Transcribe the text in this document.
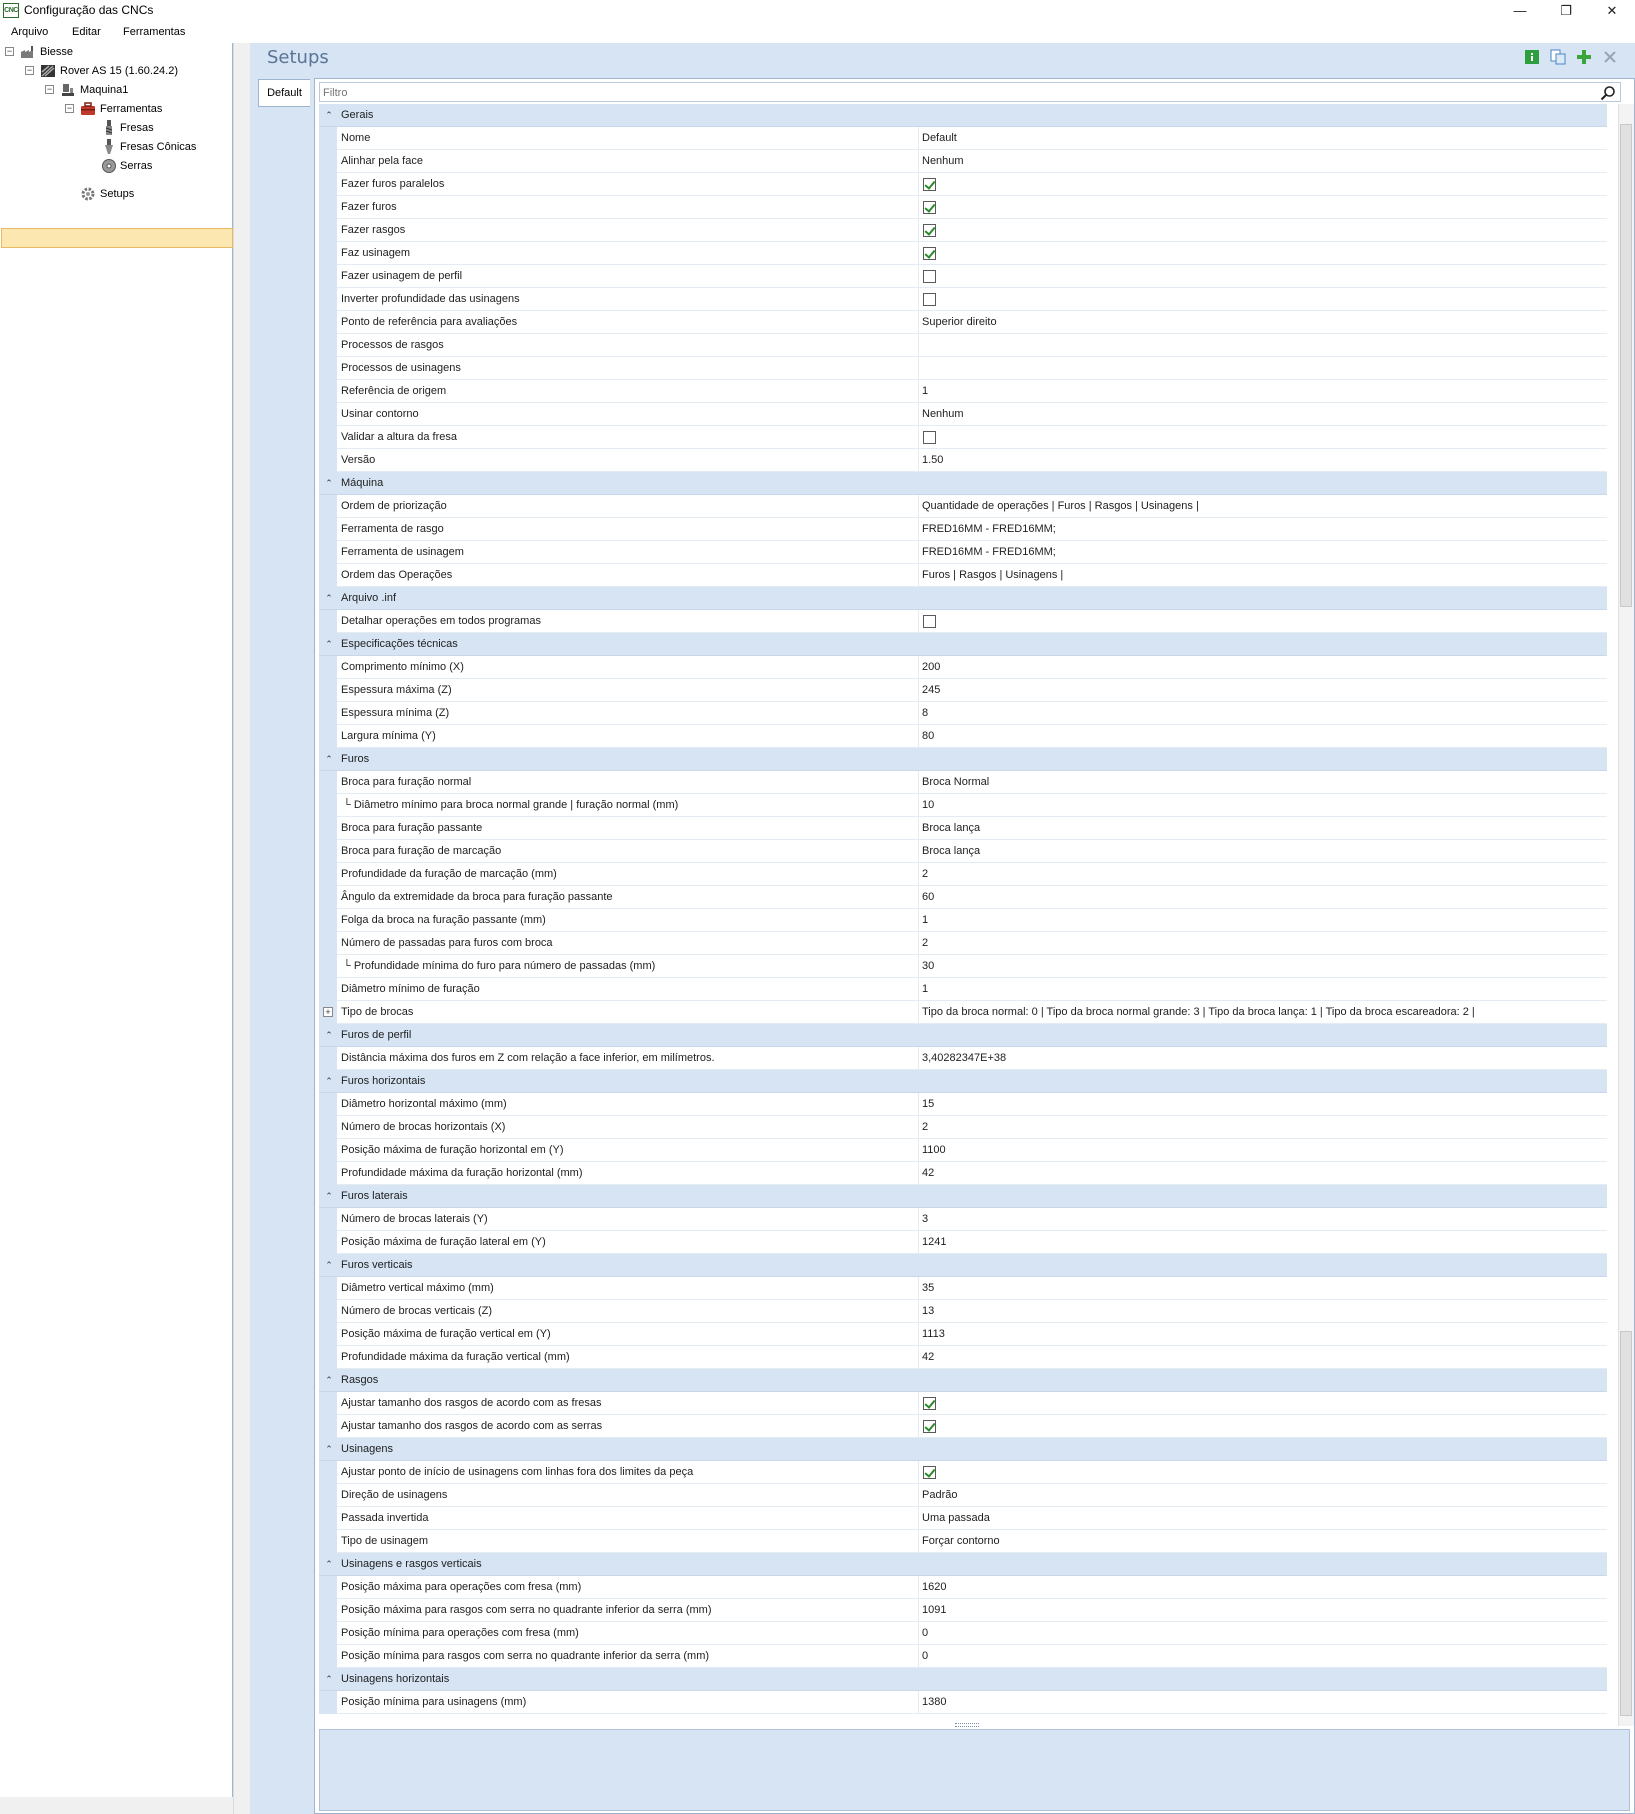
CNC Configuração das CNCs	—	❐	✕
Arquivo Editar Ferramentas
−	Biesse
−	Rover AS 15 (1.60.24.2)
−	Maquina1
−	Ferramentas
Fresas
Fresas Cônicas
Serras
Setups
Setups
Default
Filtro
⌃ Gerais
Nome	Default
Alinhar pela face	Nenhum
Fazer furos paralelos
Fazer furos
Fazer rasgos
Faz usinagem
Fazer usinagem de perfil
Inverter profundidade das usinagens
Ponto de referência para avaliações	Superior direito
Processos de rasgos
Processos de usinagens
Referência de origem	1
Usinar contorno	Nenhum
Validar a altura da fresa
Versão	1.50
⌃ Máquina
Ordem de priorização	Quantidade de operações | Furos | Rasgos | Usinagens |
Ferramenta de rasgo	FRED16MM - FRED16MM;
Ferramenta de usinagem	FRED16MM - FRED16MM;
Ordem das Operações	Furos | Rasgos | Usinagens |
⌃ Arquivo .inf
Detalhar operações em todos programas
⌃ Especificações técnicas
Comprimento mínimo (X)	200
Espessura máxima (Z)	245
Espessura mínima (Z)	8
Largura mínima (Y)	80
⌃ Furos
Broca para furação normal	Broca Normal
└ Diâmetro mínimo para broca normal grande | furação normal (mm)	10
Broca para furação passante	Broca lança
Broca para furação de marcação	Broca lança
Profundidade da furação de marcação (mm)	2
Ângulo da extremidade da broca para furação passante	60
Folga da broca na furação passante (mm)	1
Número de passadas para furos com broca	2
└ Profundidade mínima do furo para número de passadas (mm)	30
Diâmetro mínimo de furação	1
+ Tipo de brocas	Tipo da broca normal: 0 | Tipo da broca normal grande: 3 | Tipo da broca lança: 1 | Tipo da broca escareadora: 2 |
⌃ Furos de perfil
Distância máxima dos furos em Z com relação a face inferior, em milímetros.	3,40282347E+38
⌃ Furos horizontais
Diâmetro horizontal máximo (mm)	15
Número de brocas horizontais (X)	2
Posição máxima de furação horizontal em (Y)	1100
Profundidade máxima da furação horizontal (mm)	42
⌃ Furos laterais
Número de brocas laterais (Y)	3
Posição máxima de furação lateral em (Y)	1241
⌃ Furos verticais
Diâmetro vertical máximo (mm)	35
Número de brocas verticais (Z)	13
Posição máxima de furação vertical em (Y)	1113
Profundidade máxima da furação vertical (mm)	42
⌃ Rasgos
Ajustar tamanho dos rasgos de acordo com as fresas
Ajustar tamanho dos rasgos de acordo com as serras
⌃ Usinagens
Ajustar ponto de início de usinagens com linhas fora dos limites da peça
Direção de usinagens	Padrão
Passada invertida	Uma passada
Tipo de usinagem	Forçar contorno
⌃ Usinagens e rasgos verticais
Posição máxima para operações com fresa (mm)	1620
Posição máxima para rasgos com serra no quadrante inferior da serra (mm)	1091
Posição mínima para operações com fresa (mm)	0
Posição mínima para rasgos com serra no quadrante inferior da serra (mm)	0
⌃ Usinagens horizontais
Posição mínima para usinagens (mm)	1380
